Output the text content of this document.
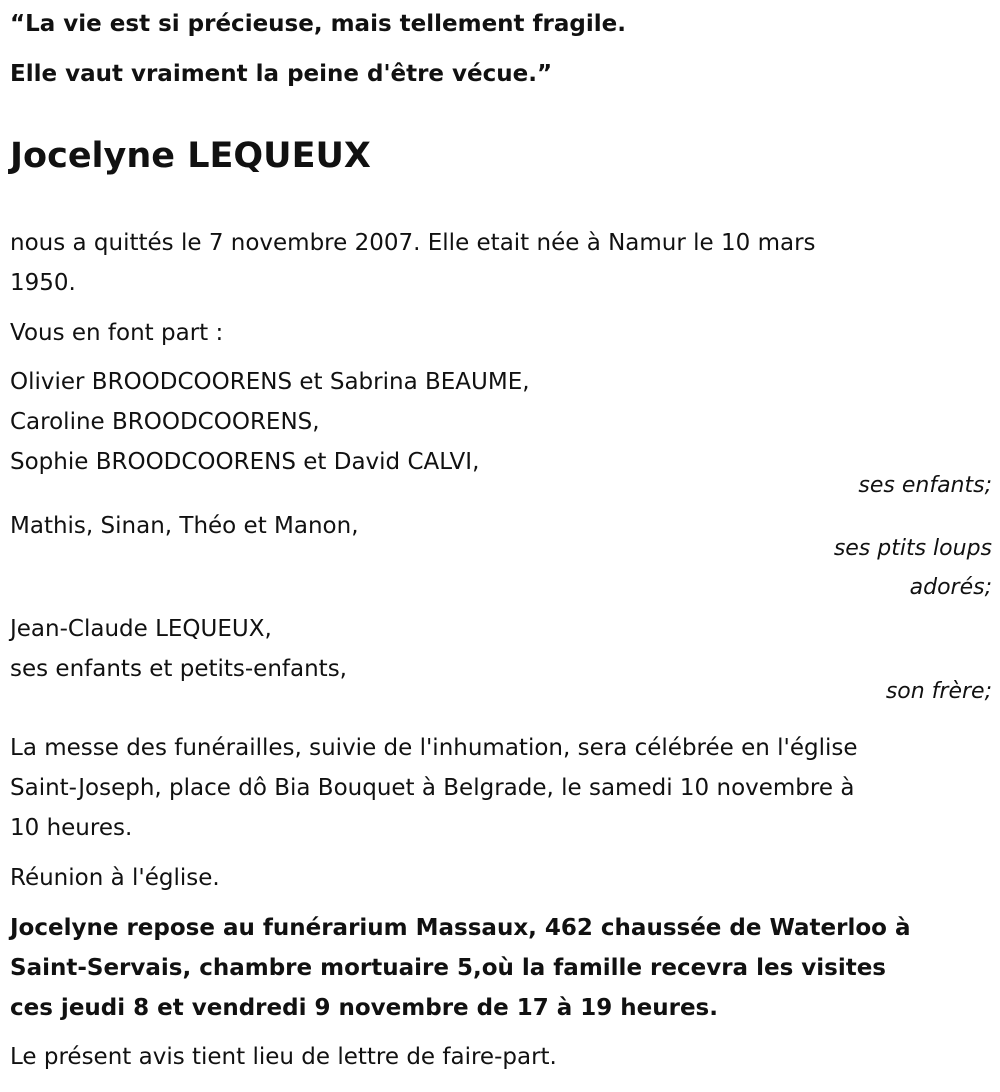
“La vie est si précieuse, mais tellement fragile.

Elle vaut vraiment la peine d'être vécue.”

Jocelyne LEQUEUX

nous a quittés le 7 novembre 2007. Elle etait née à Namur le 10 mars

1950.

Vous en font part :

Olivier BROODCOORENS et Sabrina BEAUME,

Caroline BROODCOORENS,

Sophie BROODCOORENS et David CALVI,

ses enfants;

Mathis, Sinan, Théo et Manon,

ses ptits loups

adorés;

Jean-Claude LEQUEUX,

ses enfants et petits-enfants,

son frère;

La messe des funérailles, suivie de l'inhumation, sera célébrée en l'église

Saint-Joseph, place dô Bia Bouquet à Belgrade, le samedi 10 novembre à

10 heures.

Réunion à l'église.

Jocelyne repose au funérarium Massaux, 462 chaussée de Waterloo à

Saint-Servais, chambre mortuaire 5,où la famille recevra les visites

ces jeudi 8 et vendredi 9 novembre de 17 à 19 heures.

Le présent avis tient lieu de lettre de faire-part.
